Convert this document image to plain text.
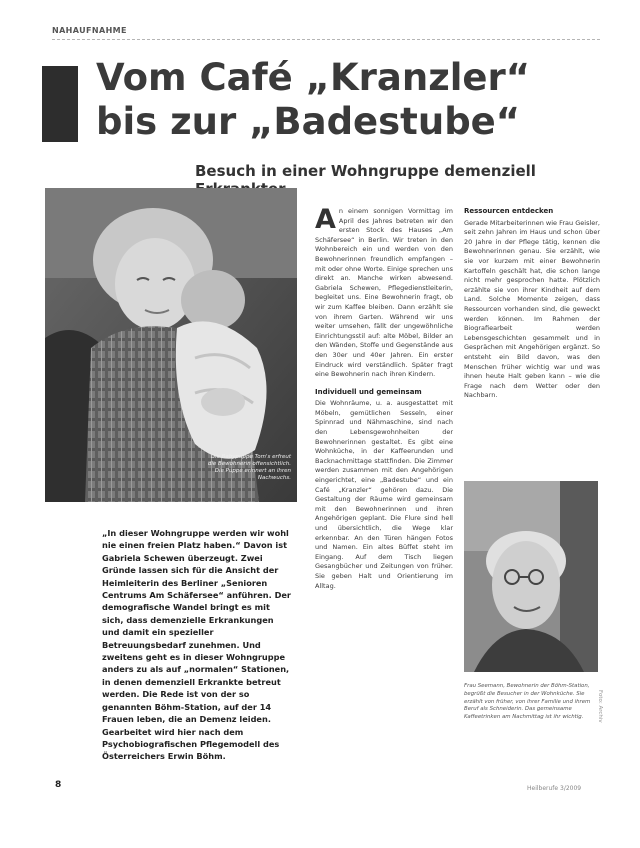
NAHAUFNAHME
Vom Café „Kranzler“
bis zur „Badestube“
Besuch in einer Wohngruppe demenziell
Die Babypuppe Tom's erfreut die Bewohnerin offensichtlich. Die Puppe erinnert an ihren Nachwuchs.
„In dieser Wohngruppe werden wir wohl nie einen freien Platz haben.“ Davon ist Gabriela Schewen überzeugt. Zwei Gründe lassen sich für die Ansicht der Heimleiterin des Berliner „Senioren Centrums Am Schäfersee“ anführen. Der demografische Wandel bringt es mit sich, dass demenzielle Erkrankungen und damit ein spezieller Betreuungsbedarf zunehmen. Und zweitens geht es in dieser Wohngruppe anders zu als auf „normalen“ Stationen, in denen demenziell Erkrankte betreut werden. Die Rede ist von der so genannten Böhm-Station, auf der 14 Frauen leben, die an Demenz leiden. Gearbeitet wird hier nach dem Psychobiografischen Pflegemodell des Österreichers Erwin Böhm.
A n einem sonnigen Vormittag im April des Jahres betreten wir den ersten Stock des Hauses „Am Schäfersee“ in Berlin. Wir treten in den Wohnbereich ein und werden von den Bewohnerinnen freundlich empfangen – mit oder ohne Worte. Einige sprechen uns direkt an. Manche wirken abwesend. Gabriela Schewen, Pflegedienstleiterin, begleitet uns. Eine Bewohnerin fragt, ob wir zum Kaffee bleiben. Dann erzählt sie von ihrem Garten. Während wir uns weiter umsehen, fällt der ungewöhnliche Einrichtungsstil auf: alte Möbel, Bilder an den Wänden, Stoffe und Gegenstände aus den 30er und 40er Jahren. Ein erster Eindruck wird verständlich. Später fragt eine Bewohnerin nach ihren Kindern.

Individuell und gemeinsam

Die Wohnräume, u. a. ausgestattet mit Möbeln, gemütlichen Sesseln, einer Spinnrad und Nähmaschine, sind nach den Lebensgewohnheiten der Bewohnerinnen gestaltet. Es gibt eine Wohnküche, in der Kaffeerunden und Backnachmittage stattfinden. Die Zimmer werden zusammen mit den Angehörigen eingerichtet, eine „Badestube“ und ein Café „Kranzler“ gehören dazu. Die Gestaltung der Räume wird gemeinsam mit den Bewohnerinnen und ihren Angehörigen geplant. Die Flure sind hell und übersichtlich, die Wege klar erkennbar. An den Türen hängen Fotos und Namen. Ein altes Büffet steht im Eingang. Auf dem Tisch liegen Gesangbücher und Zeitungen von früher. Sie geben Halt und Orientierung im Alltag.

Ressourcen entdecken

Gerade Mitarbeiterinnen wie Frau Geisler, seit zehn Jahren im Haus und schon über 20 Jahre in der Pflege tätig, kennen die Bewohnerinnen genau. Sie erzählt, wie sie vor kurzem mit einer Bewohnerin Kartoffeln geschält hat, die schon lange nicht mehr gesprochen hatte. Plötzlich erzählte sie von ihrer Kindheit auf dem Land. Solche Momente zeigen, dass Ressourcen vorhanden sind, die geweckt werden können. Im Rahmen der Biografiearbeit werden Lebensgeschichten gesammelt und in Gesprächen mit Angehörigen ergänzt. So entsteht ein Bild davon, was den Menschen früher wichtig war und was ihnen heute Halt geben kann – wie die Frage nach dem Wetter oder den Nachbarn.

Frau Seemann, Bewohnerin der Böhm-Station, begrüßt die Besucher in der Wohnküche. Sie erzählt von früher, von ihrer Familie und ihrem Beruf als Schneiderin. Das gemeinsame Kaffeetrinken am Nachmittag ist ihr wichtig.
8	Heilberufe 3/2009
Foto: Archiv
